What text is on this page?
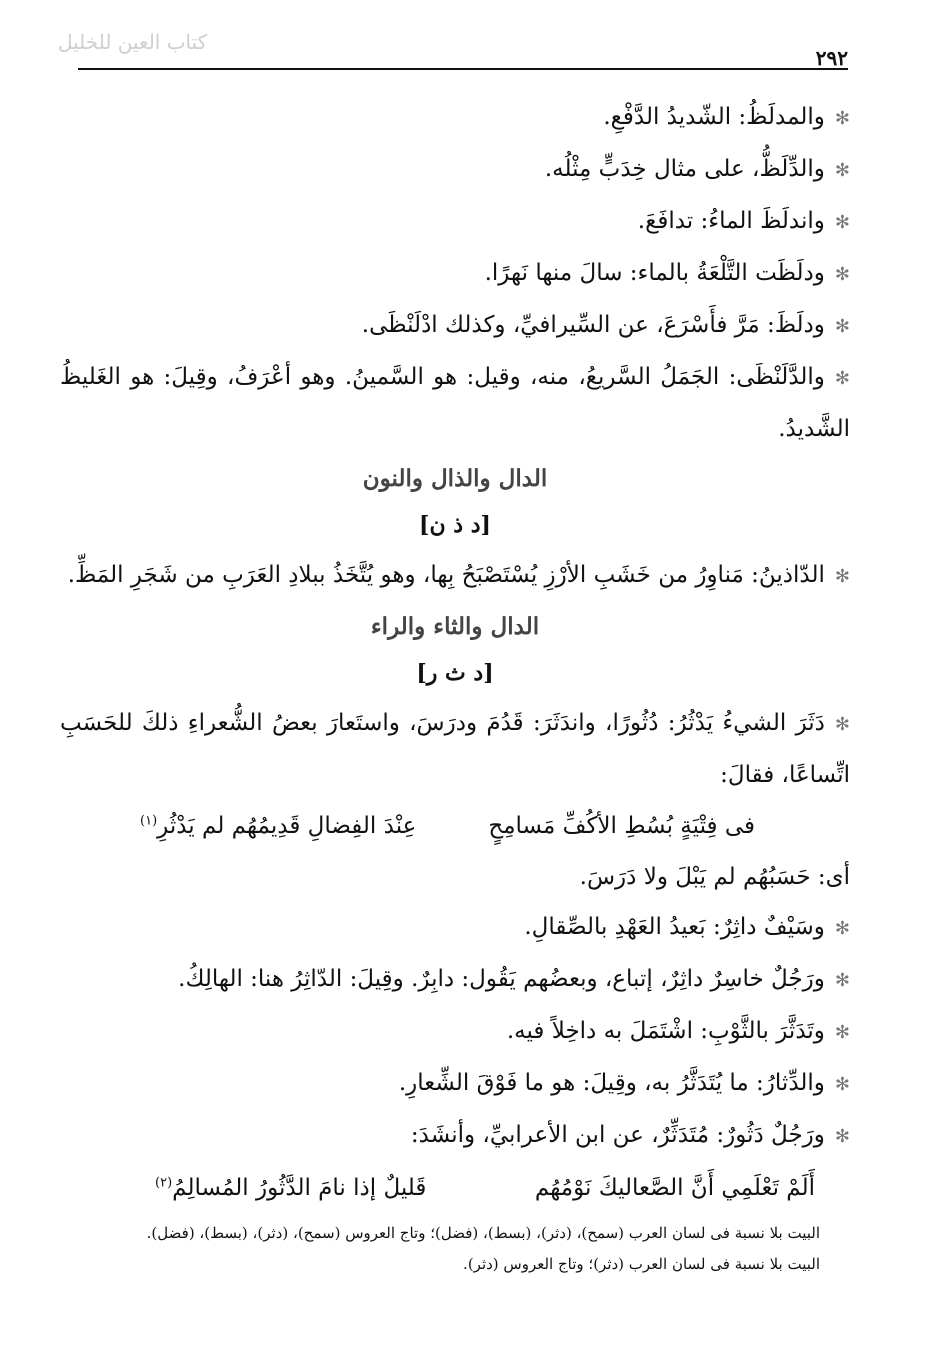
كتاب العين للخليل
٢٩٢

✻والمدلَظُ: الشّديدُ الدَّفْعِ.

✻والدِّلَظُّ، على مثال خِدَبٍّ مِثْلُه.

✻واندلَظَ الماءُ: تدافَعَ.

✻ودلَظَت التَّلْعَةُ بالماء: سالَ منها نَهرًا.

✻ودلَظَ: مَرَّ فأَسْرَعَ، عن السِّيرافيِّ، وكذلك ادْلَنْظَى.

✻والدَّلَنْظَى: الجَمَلُ السَّريعُ، منه، وقيل: هو السَّمينُ. وهو أعْرَفُ، وقِيلَ: هو الغَليظُ الشَّديدُ.

الدال والذال والنون
[د ذ ن]

✻الدّاذينُ: مَناوِرُ من خَشَبِ الأرْزِ يُسْتَصْبَحُ بِها، وهو يُتَّخَذُ ببلادِ العَرَبِ من شَجَرِ المَظِّ.

الدال والثاء والراء
[د ث ر]

✻دَثَرَ الشيءُ يَدْثُرُ: دُثُورًا، واندَثَرَ: قَدُمَ ودرَسَ، واستَعارَ بعضُ الشُّعراءِ ذلكَ للحَسَبِ اتِّساعًا، فقالَ:

فى فِتْيَةٍ بُسُطِ الأكُفِّ مَسامِحٍ
عِنْدَ الفِضالِ قَدِيمُهُم لم يَدْثُرِ$^{(١)}$

أى: حَسَبُهُم لم يَبْلَ ولا دَرَسَ.

✻وسَيْفٌ داثِرٌ: بَعيدُ العَهْدِ بالصِّقالِ.

✻ورَجُلٌ خاسِرٌ داثِرٌ، إتباع، وبعضُهم يَقُول: دابِرٌ. وقِيلَ: الدّاثِرُ هنا: الهالِكُ.

✻وتَدَثَّرَ بالثَّوْبِ: اشْتَمَلَ به داخِلاً فيه.

✻والدِّثارُ: ما يُتَدَثَّرُ به، وقِيلَ: هو ما فَوْقَ الشِّعارِ.

✻ورَجُلٌ دَثُورٌ: مُتَدَثِّرٌ، عن ابن الأعرابيِّ، وأنشَدَ:

أَلَمْ تَعْلَمِي أَنَّ الصَّعاليكَ نَوْمُهُم
قَليلٌ إذا نامَ الدَّثُورُ المُسالِمُ$^{(٢)}$

البيت بلا نسبة فى لسان العرب (سمح)، (دثر)، (بسط)، (فضل)؛ وتاج العروس (سمح)، (دثر)، (بسط)، (فضل).

البيت بلا نسبة فى لسان العرب (دثر)؛ وتاج العروس (دثر).
